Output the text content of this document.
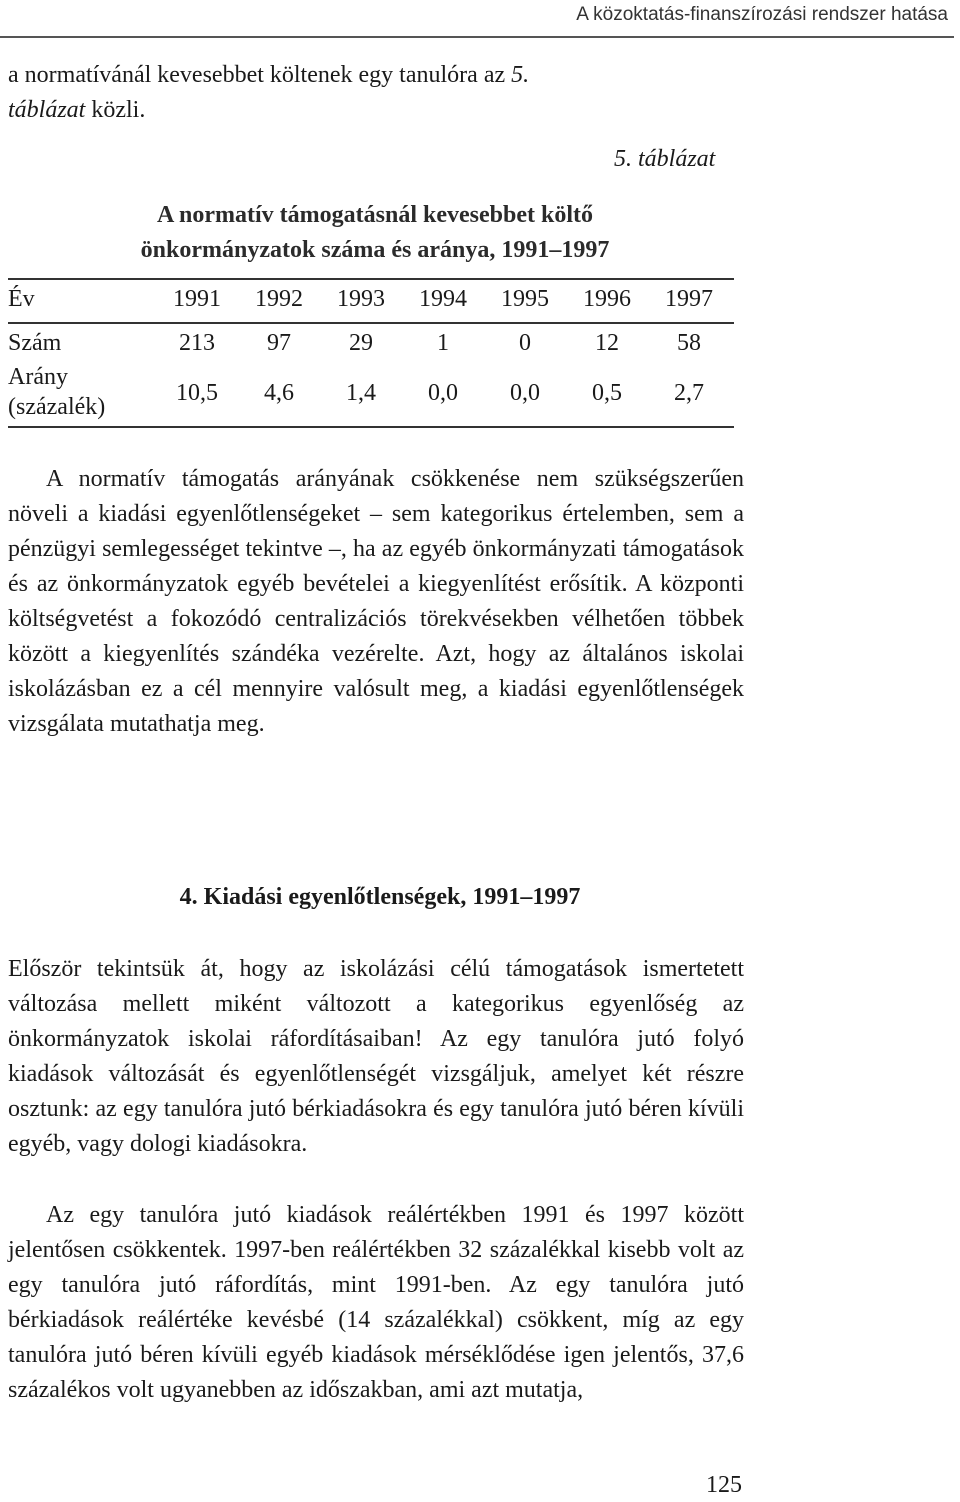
A közoktatás-finanszírozási rendszer hatása

a normatívánál kevesebbet költenek egy tanulóra az 5.
táblázat közli.

5. táblázat
A normatív támogatásnál kevesebbet költő
önkormányzatok száma és aránya, 1991–1997
Év	1991	1992	1993	1994	1995	1996	1997
Szám	213	97	29	1	0	12	58
Arány
(százalék)
10,5	4,6	1,4	0,0	0,0	0,5	2,7

A normatív támogatás arányának csökkenése nem szükségszerűen növeli a kiadási egyenlőtlenségeket – sem kategorikus értelemben, sem a pénzügyi semlegességet tekintve –, ha az egyéb önkormányzati támogatások és az önkormányzatok egyéb bevételei a kiegyenlítést erősítik. A központi költségvetést a fokozódó centralizációs törekvésekben vélhetően többek között a kiegyenlítés szándéka vezérelte. Azt, hogy az általános iskolai iskolázásban ez a cél mennyire valósult meg, a kiadási egyenlőtlenségek vizsgálata mutathatja meg.

4. Kiadási egyenlőtlenségek, 1991–1997

Először tekintsük át, hogy az iskolázási célú támogatások ismertetett változása mellett miként változott a kategorikus egyenlőség az önkormányzatok iskolai ráfordításaiban! Az egy tanulóra jutó folyó kiadások változását és egyenlőtlenségét vizsgáljuk, amelyet két részre osztunk: az egy tanulóra jutó bérkiadásokra és egy tanulóra jutó béren kívüli egyéb, vagy dologi kiadásokra.

Az egy tanulóra jutó kiadások reálértékben 1991 és 1997 között jelentősen csökkentek. 1997-ben reálértékben 32 százalékkal kisebb volt az egy tanulóra jutó ráfordítás, mint 1991-ben. Az egy tanulóra jutó bérkiadások reálértéke kevésbé (14 százalékkal) csökkent, míg az egy tanulóra jutó béren kívüli egyéb kiadások mérséklődése igen jelentős, 37,6 százalékos volt ugyanebben az időszakban, ami azt mutatja,

125
